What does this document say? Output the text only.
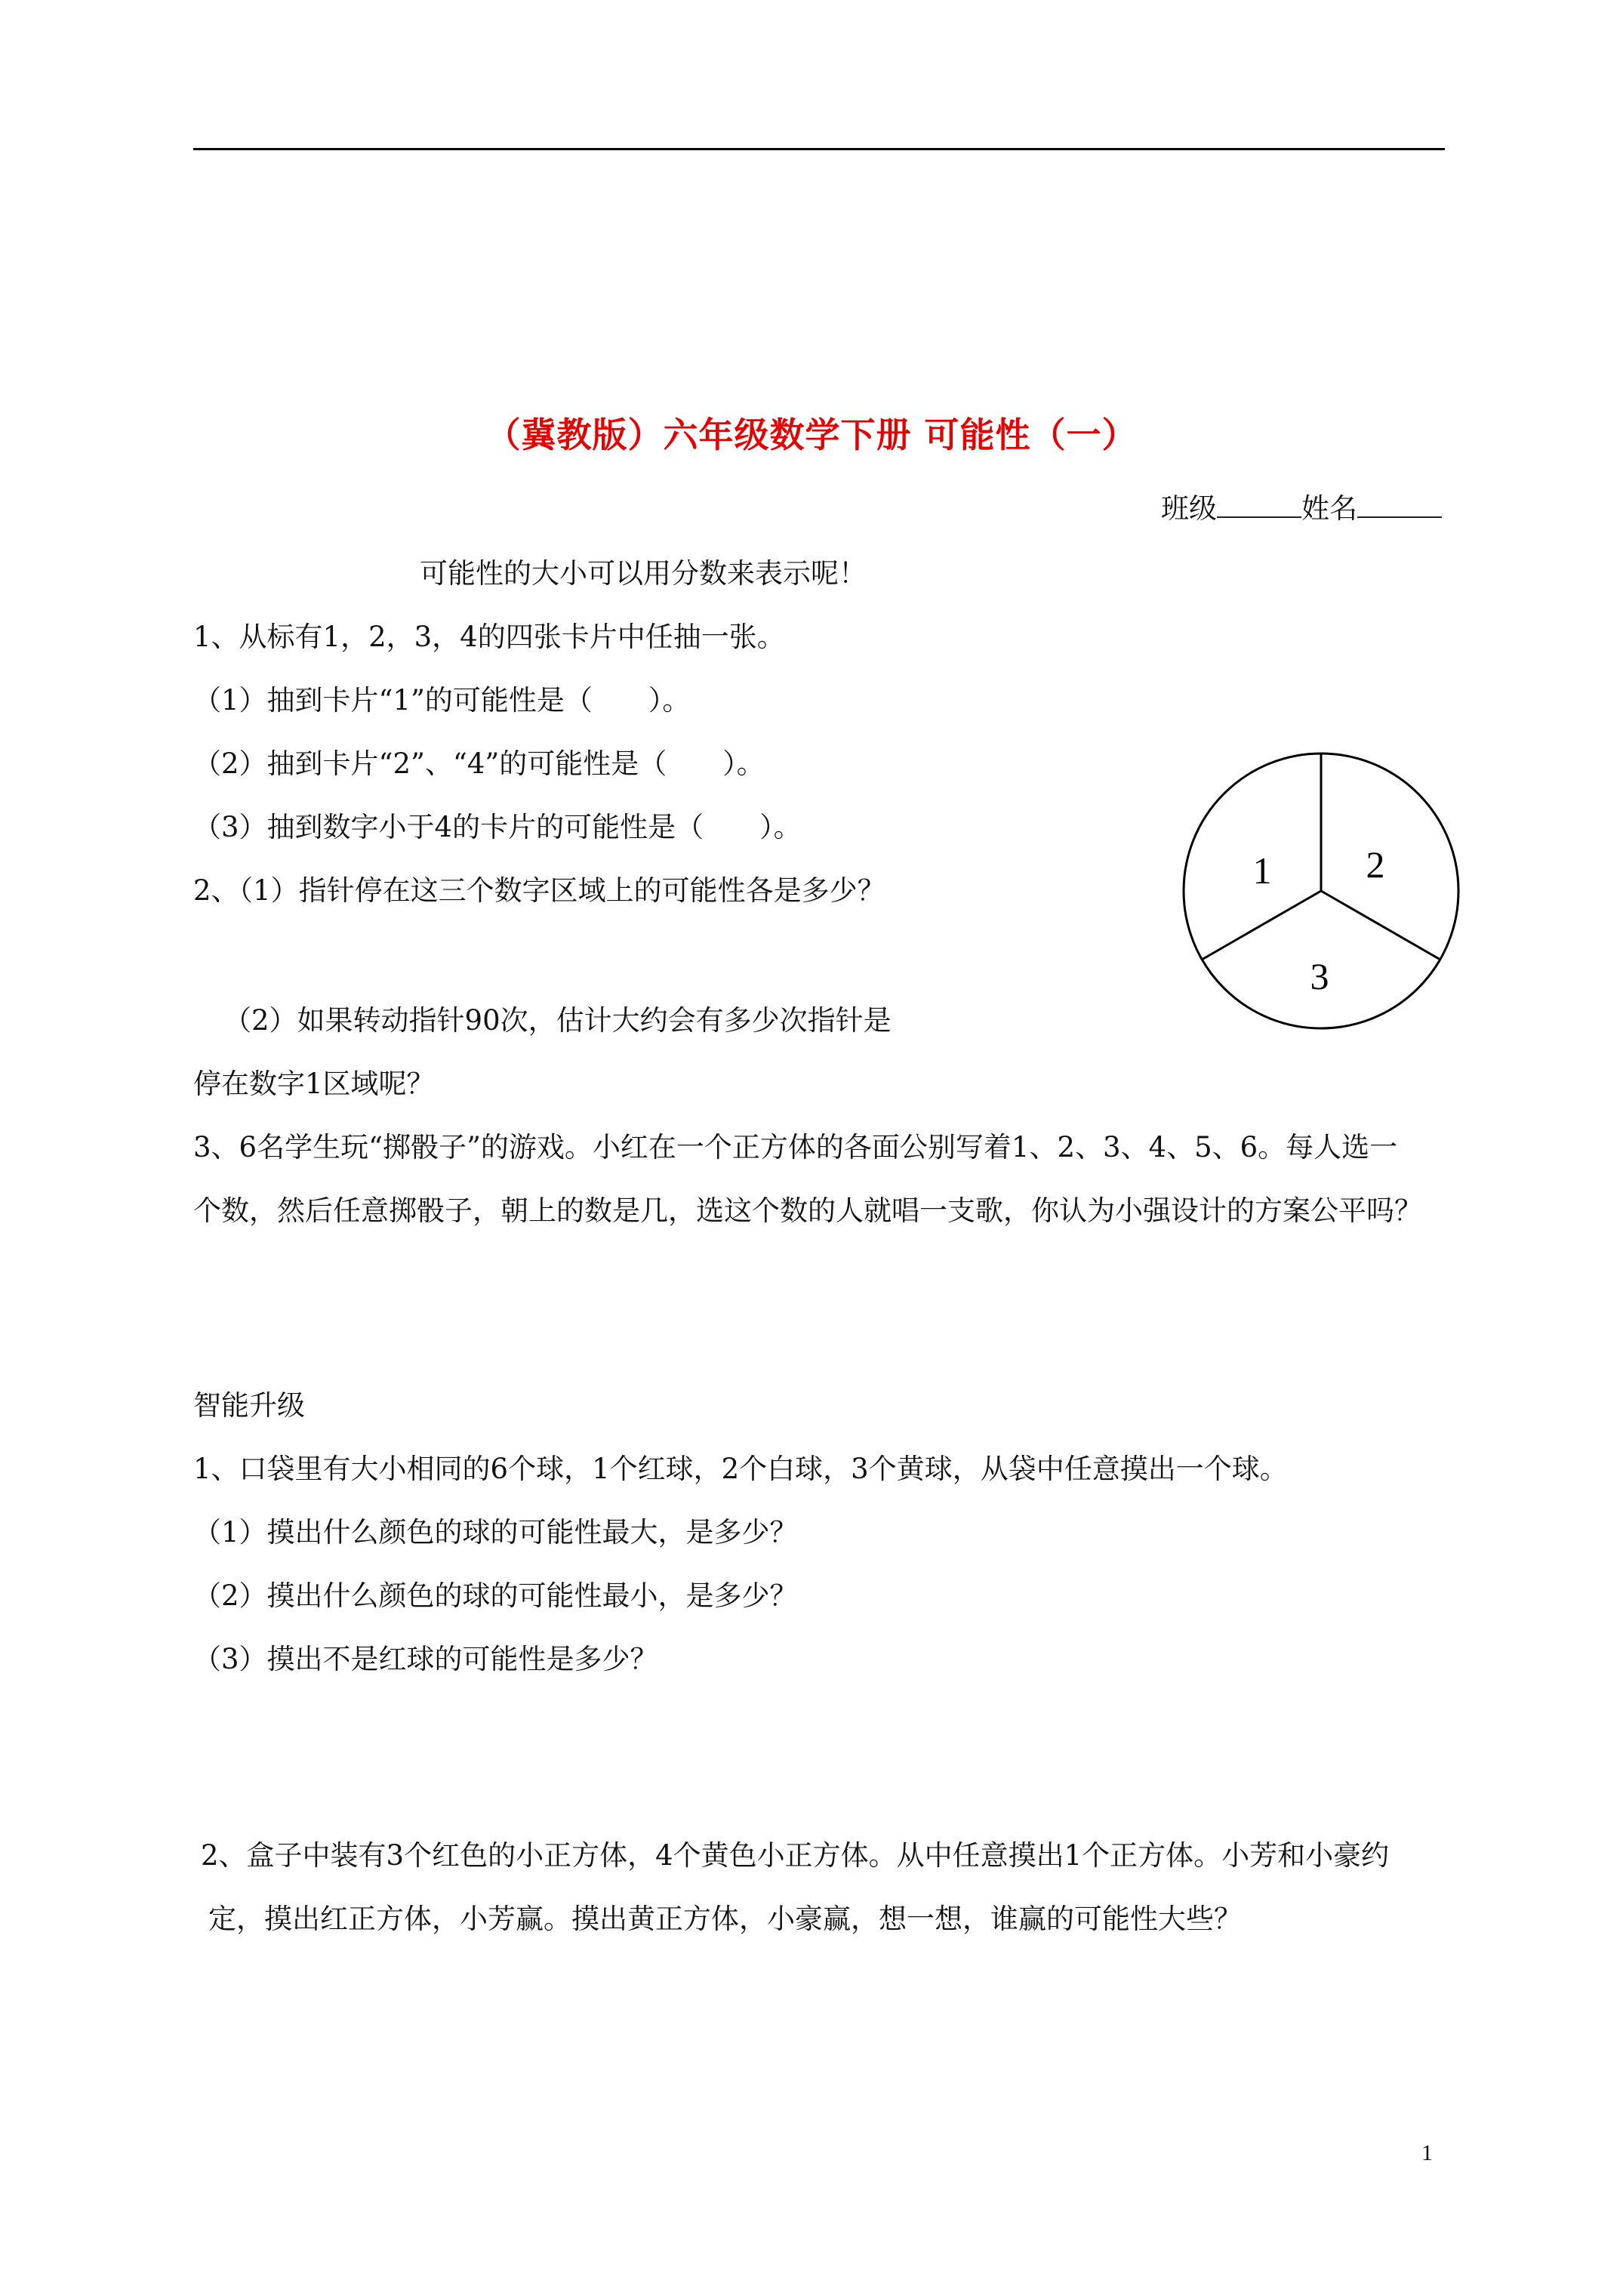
（冀教版）六年级数学下册 可能性（一）
班级	姓名
可能性的大小可以用分数来表示呢！
1、从标有1，2，3，4的四张卡片中任抽一张。
（1）抽到卡片“1”的可能性是（　　）。
（2）抽到卡片“2”、“4”的可能性是（　　）。
（3）抽到数字小于4的卡片的可能性是（　　）。
2、（1）指针停在这三个数字区域上的可能性各是多少？
（2）如果转动指针90次，估计大约会有多少次指针是
停在数字1区域呢？
1	2
3
3、6名学生玩“掷骰子”的游戏。小红在一个正方体的各面公别写着1、2、3、4、5、6。每人选一
个数，然后任意掷骰子，朝上的数是几，选这个数的人就唱一支歌，你认为小强设计的方案公平吗？
智能升级
1、口袋里有大小相同的6个球，1个红球，2个白球，3个黄球，从袋中任意摸出一个球。
（1）摸出什么颜色的球的可能性最大，是多少？
（2）摸出什么颜色的球的可能性最小，是多少？
（3）摸出不是红球的可能性是多少？
2、盒子中装有3个红色的小正方体，4个黄色小正方体。从中任意摸出1个正方体。小芳和小豪约
定，摸出红正方体，小芳赢。摸出黄正方体，小豪赢，想一想，谁赢的可能性大些？
1
